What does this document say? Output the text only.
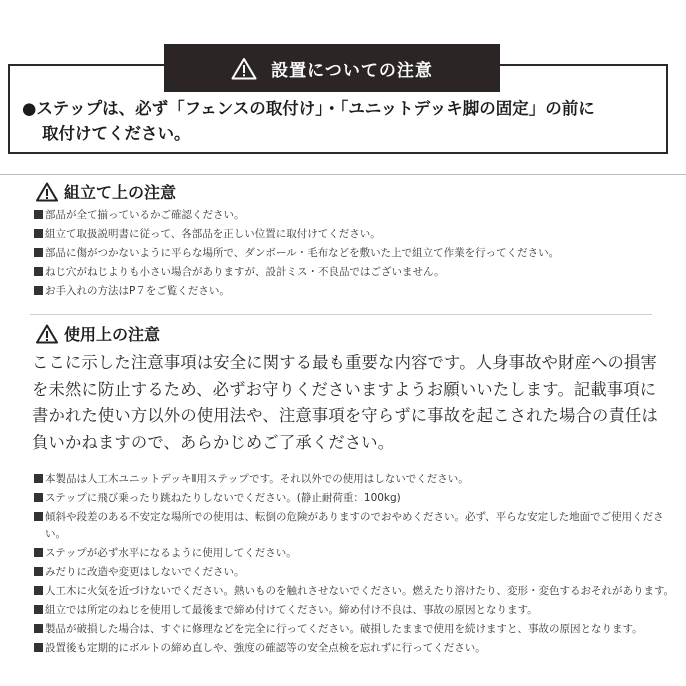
設置についての注意
●ステップは、必ず「フェンスの取付け」・「ユニットデッキ脚の固定」の前に
取付けてください。
組立て上の注意
部品が全て揃っているかご確認ください。
組立て取扱説明書に従って、各部品を正しい位置に取付けてください。
部品に傷がつかないように平らな場所で、ダンボール・毛布などを敷いた上で組立て作業を行ってください。
ねじ穴がねじよりも小さい場合がありますが、設計ミス・不良品ではございません。
お手入れの方法はP７をご覧ください。
使用上の注意
ここに示した注意事項は安全に関する最も重要な内容です。人身事故や財産への損害
を未然に防止するため、必ずお守りくださいますようお願いいたします。記載事項に
書かれた使い方以外の使用法や、注意事項を守らずに事故を起こされた場合の責任は
負いかねますので、あらかじめご了承ください。
本製品は人工木ユニットデッキⅡ用ステップです。それ以外での使用はしないでください。
ステップに飛び乗ったり跳ねたりしないでください。(静止耐荷重：100kg)
傾斜や段差のある不安定な場所での使用は、転倒の危険がありますのでおやめください。必ず、平らな安定した地面でご使用ください。
ステップが必ず水平になるように使用してください。
みだりに改造や変更はしないでください。
人工木に火気を近づけないでください。熱いものを触れさせないでください。燃えたり溶けたり、変形・変色するおそれがあります。
組立では所定のねじを使用して最後まで締め付けてください。締め付け不良は、事故の原因となります。
製品が破損した場合は、すぐに修理などを完全に行ってください。破損したままで使用を続けますと、事故の原因となります。
設置後も定期的にボルトの締め直しや、強度の確認等の安全点検を忘れずに行ってください。
